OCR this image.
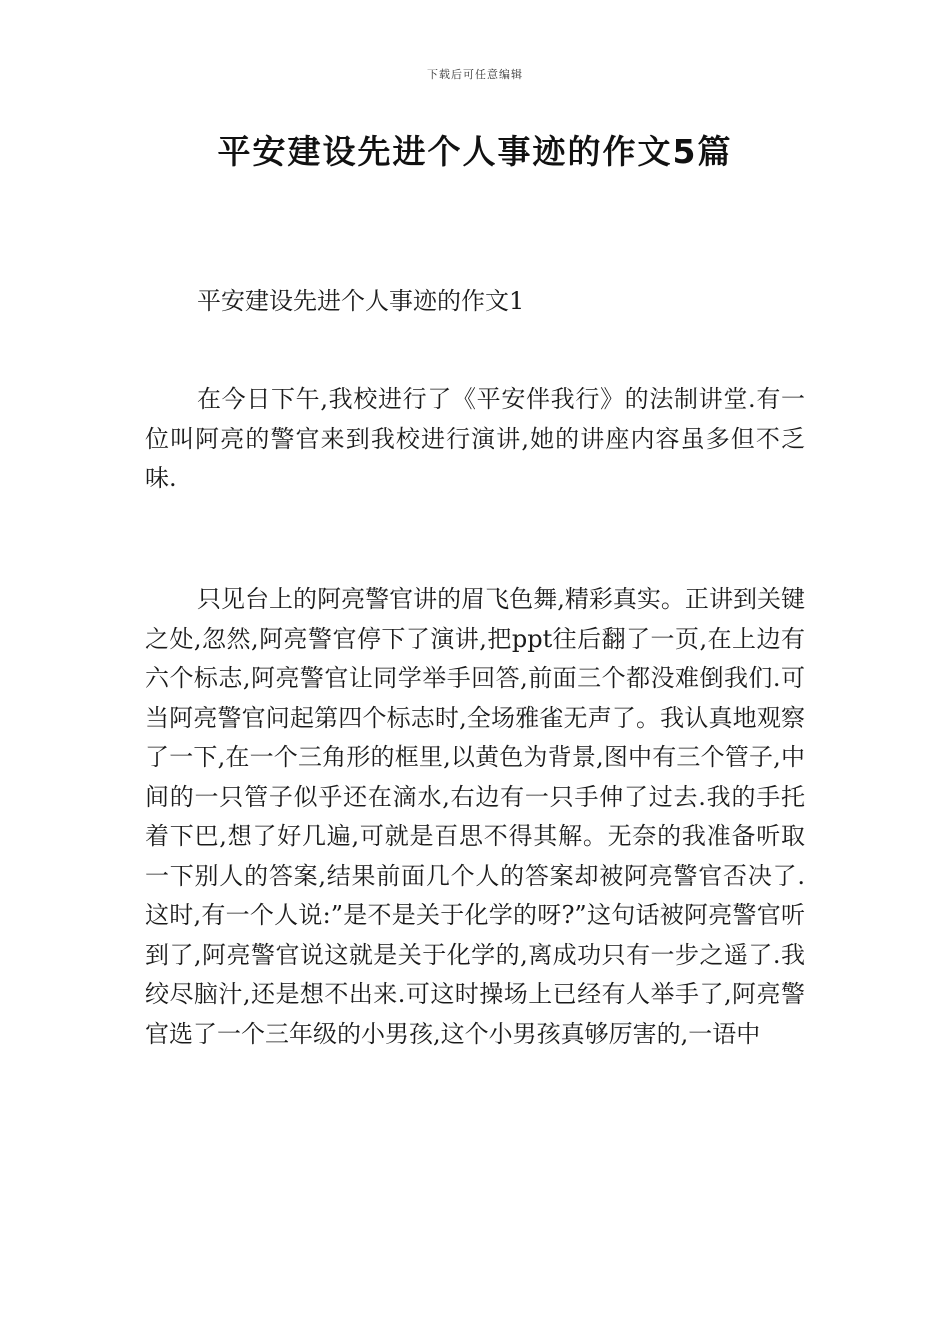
下载后可任意编辑
平安建设先进个人事迹的作文5篇

平安建设先进个人事迹的作文1

在今日下午,我校进行了《平安伴我行》的法制讲堂.有一位叫阿亮的警官来到我校进行演讲,她的讲座内容虽多但不乏味.

只见台上的阿亮警官讲的眉飞色舞,精彩真实。正讲到关键之处,忽然,阿亮警官停下了演讲,把ppt往后翻了一页,在上边有六个标志,阿亮警官让同学举手回答,前面三个都没难倒我们.可当阿亮警官问起第四个标志时,全场雅雀无声了。我认真地观察了一下,在一个三角形的框里,以黄色为背景,图中有三个管子,中间的一只管子似乎还在滴水,右边有一只手伸了过去.我的手托着下巴,想了好几遍,可就是百思不得其解。无奈的我准备听取一下别人的答案,结果前面几个人的答案却被阿亮警官否决了.这时,有一个人说:”是不是关于化学的呀?”这句话被阿亮警官听到了,阿亮警官说这就是关于化学的,离成功只有一步之遥了.我绞尽脑汁,还是想不出来.可这时操场上已经有人举手了,阿亮警官选了一个三年级的小男孩,这个小男孩真够厉害的,一语中
